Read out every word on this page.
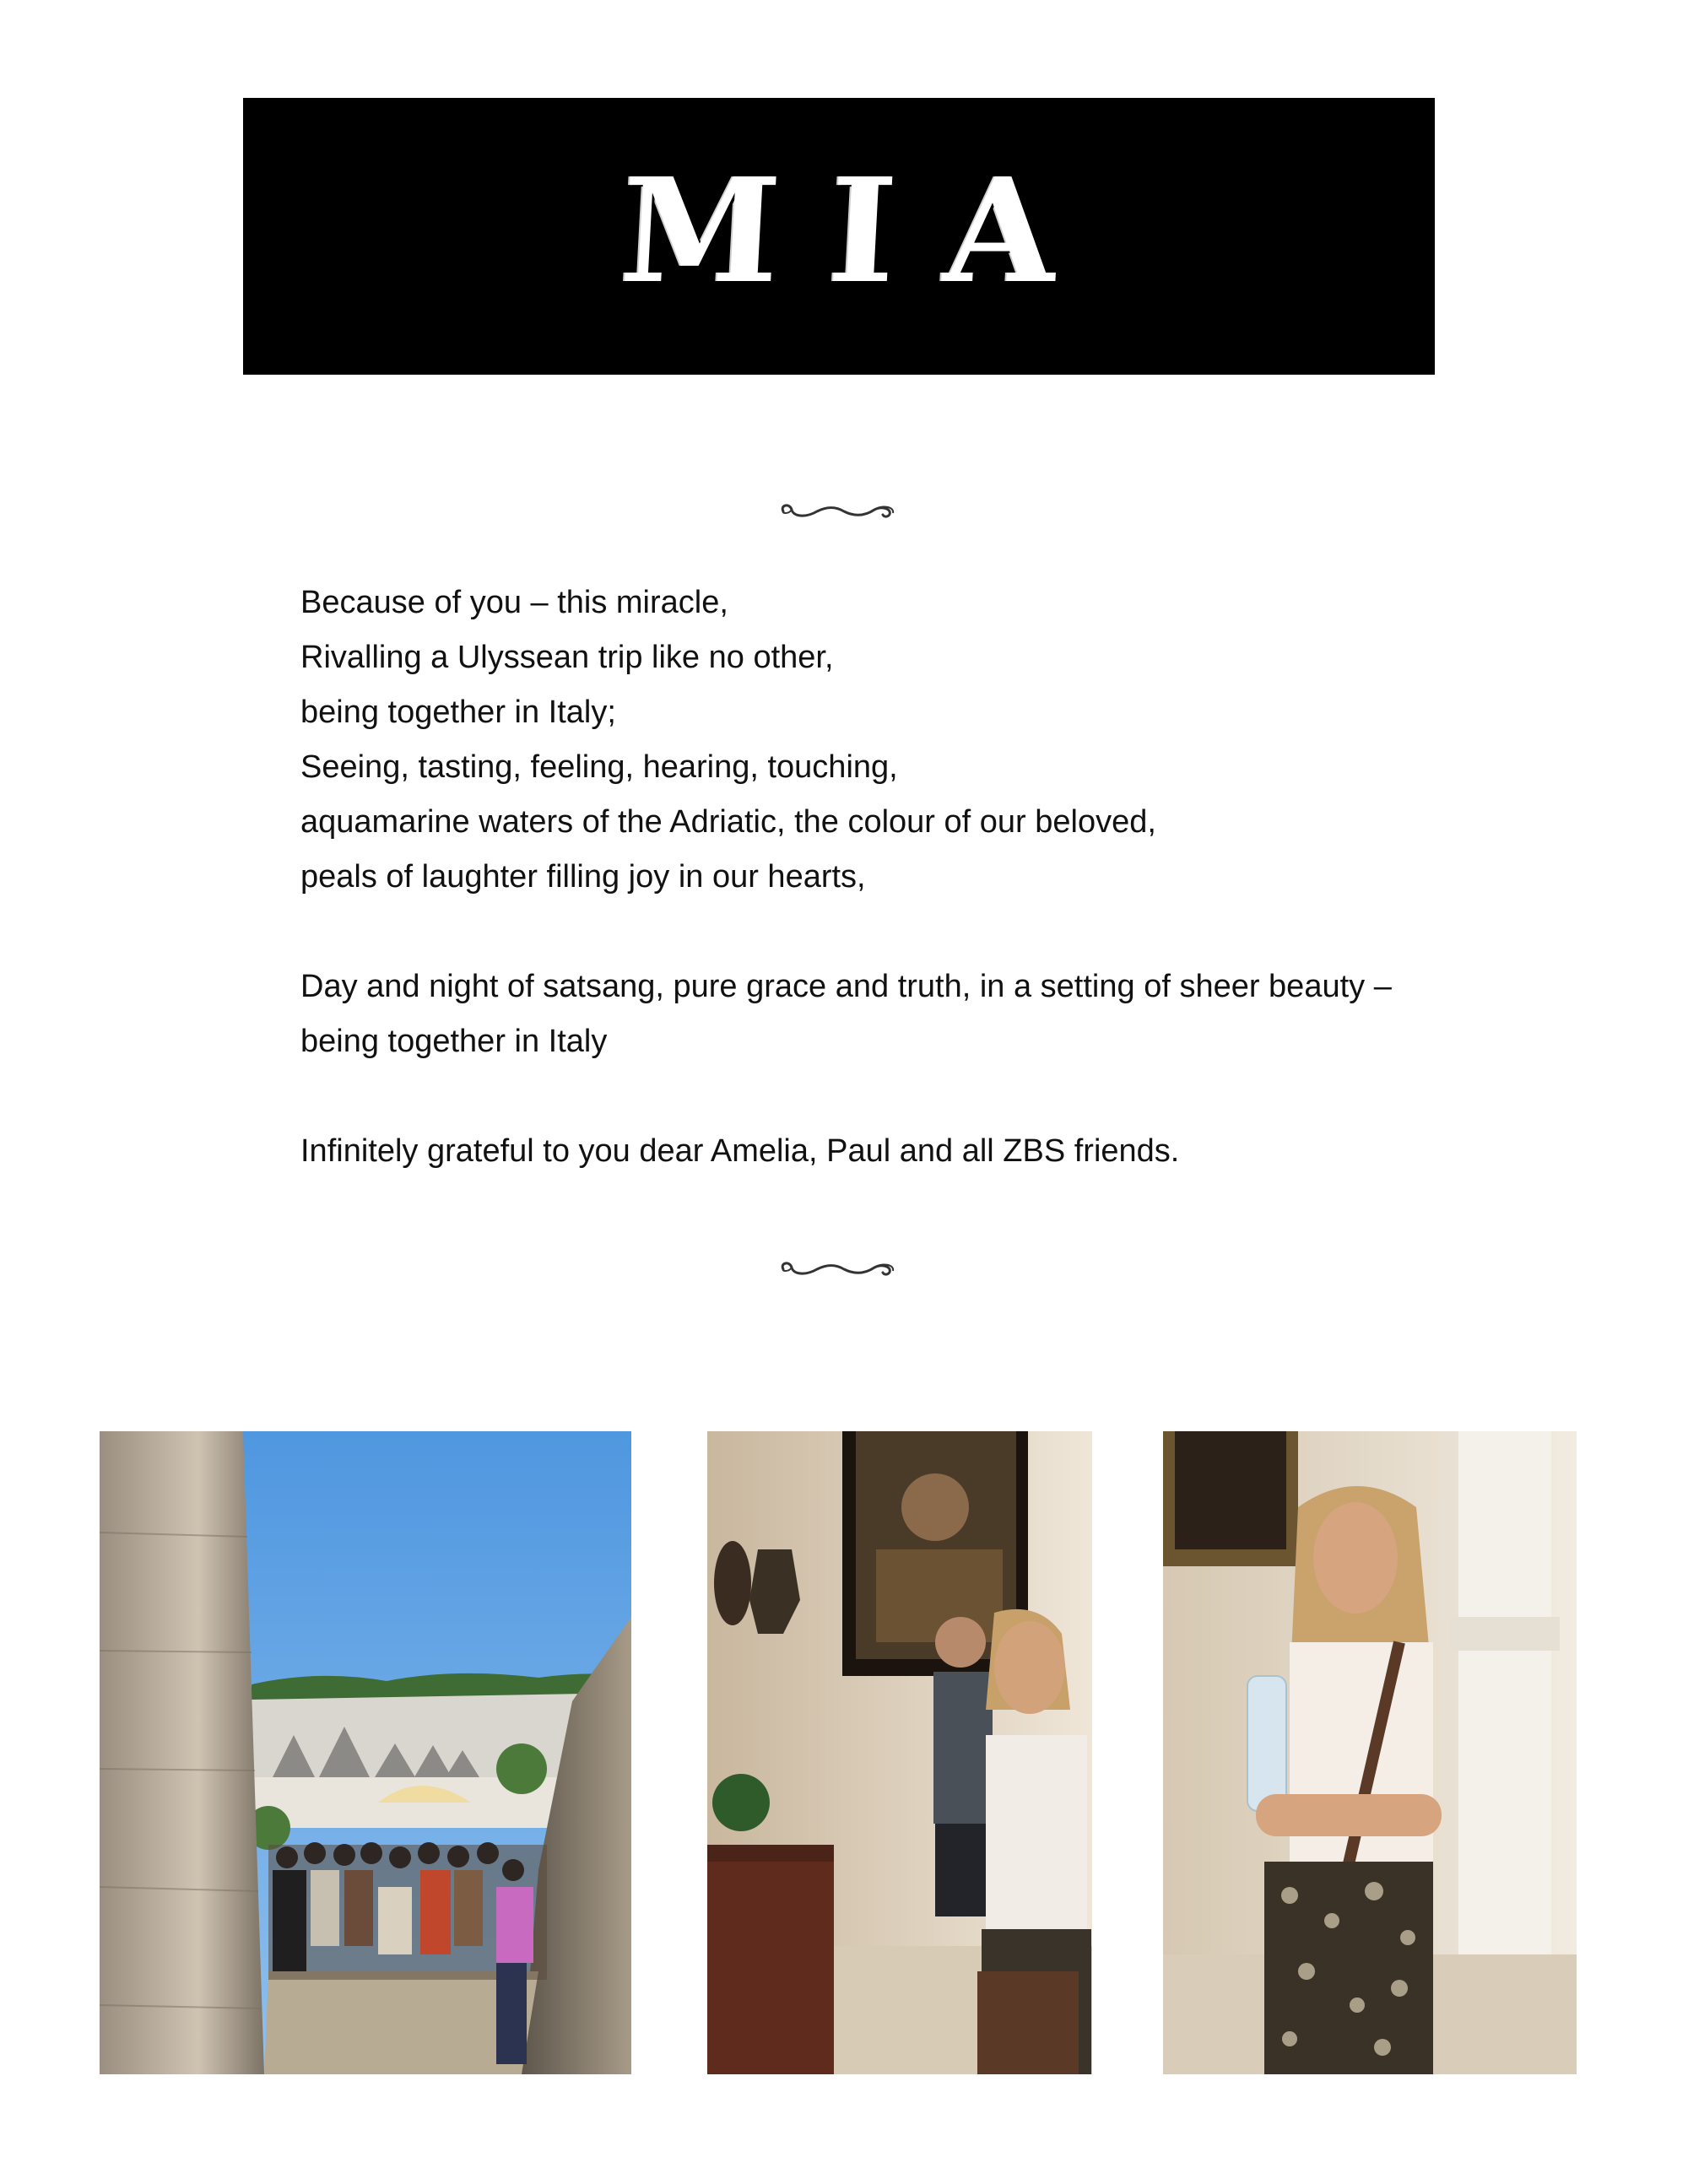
MIA
Because of you – this miracle,
Rivalling a Ulyssean trip like no other,
being together in Italy;
Seeing, tasting, feeling, hearing, touching,
aquamarine waters of the Adriatic, the colour of our beloved,
peals of laughter filling joy in our hearts,
Day and night of satsang, pure grace and truth, in a setting of sheer beauty –
being together in Italy
Infinitely grateful to you dear Amelia, Paul and all ZBS friends.
